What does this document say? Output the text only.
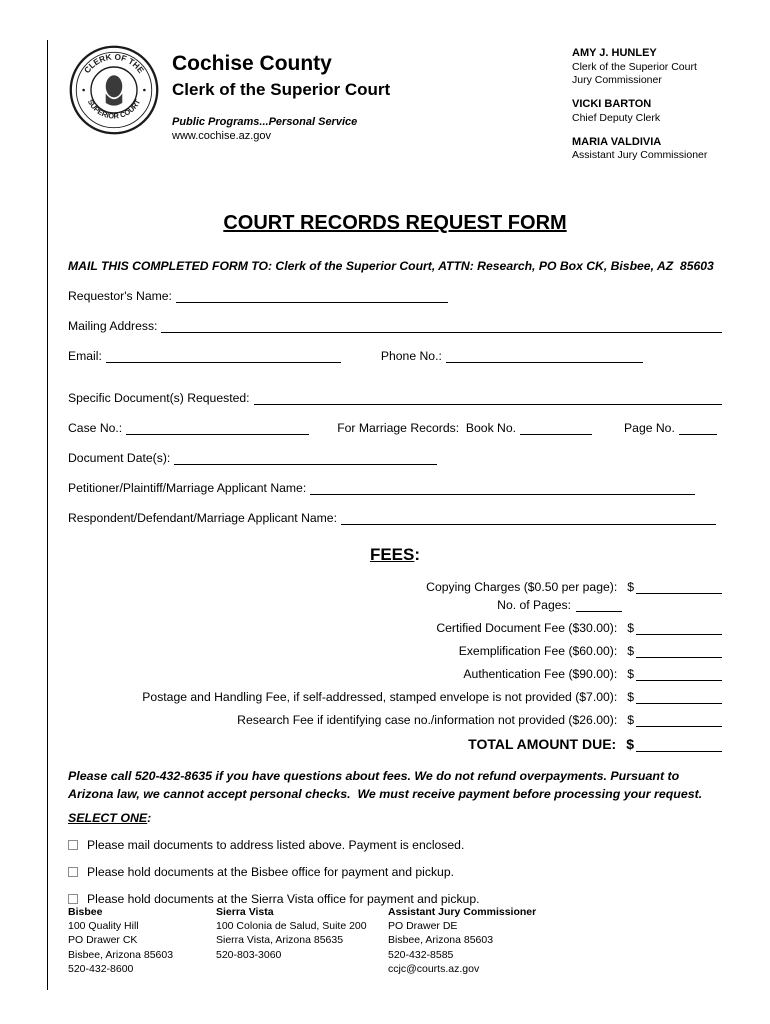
CLERK OF THE
SUPERIOR COURT
Cochise County
Clerk of the Superior Court
Public Programs...Personal Service
www.cochise.az.gov
AMY J. HUNLEY
Clerk of the Superior Court
Jury Commissioner
VICKI BARTON
Chief Deputy Clerk
MARIA VALDIVIA
Assistant Jury Commissioner
COURT RECORDS REQUEST FORM
MAIL THIS COMPLETED FORM TO: Clerk of the Superior Court, ATTN: Research, PO Box CK, Bisbee, AZ  85603
Requestor's Name:
Mailing Address:
Email:	Phone No.:
Specific Document(s) Requested:
Case No.:	For Marriage Records:  Book No.	Page No.
Document Date(s):
Petitioner/Plaintiff/Marriage Applicant Name:
Respondent/Defendant/Marriage Applicant Name:
FEES:
Copying Charges ($0.50 per page): $
No. of Pages:
Certified Document Fee ($30.00): $
Exemplification Fee ($60.00): $
Authentication Fee ($90.00): $
Postage and Handling Fee, if self-addressed, stamped envelope is not provided ($7.00): $
Research Fee if identifying case no./information not provided ($26.00): $
TOTAL AMOUNT DUE: $
Please call 520-432-8635 if you have questions about fees. We do not refund overpayments. Pursuant to Arizona law, we cannot accept personal checks.  We must receive payment before processing your request.
SELECT ONE:
Please mail documents to address listed above. Payment is enclosed.
Please hold documents at the Bisbee office for payment and pickup.
Please hold documents at the Sierra Vista office for payment and pickup.
Bisbee
100 Quality Hill
PO Drawer CK
Bisbee, Arizona 85603
520-432-8600
Sierra Vista
100 Colonia de Salud, Suite 200
Sierra Vista, Arizona 85635
520-803-3060
Assistant Jury Commissioner
PO Drawer DE
Bisbee, Arizona 85603
520-432-8585
ccjc@courts.az.gov
